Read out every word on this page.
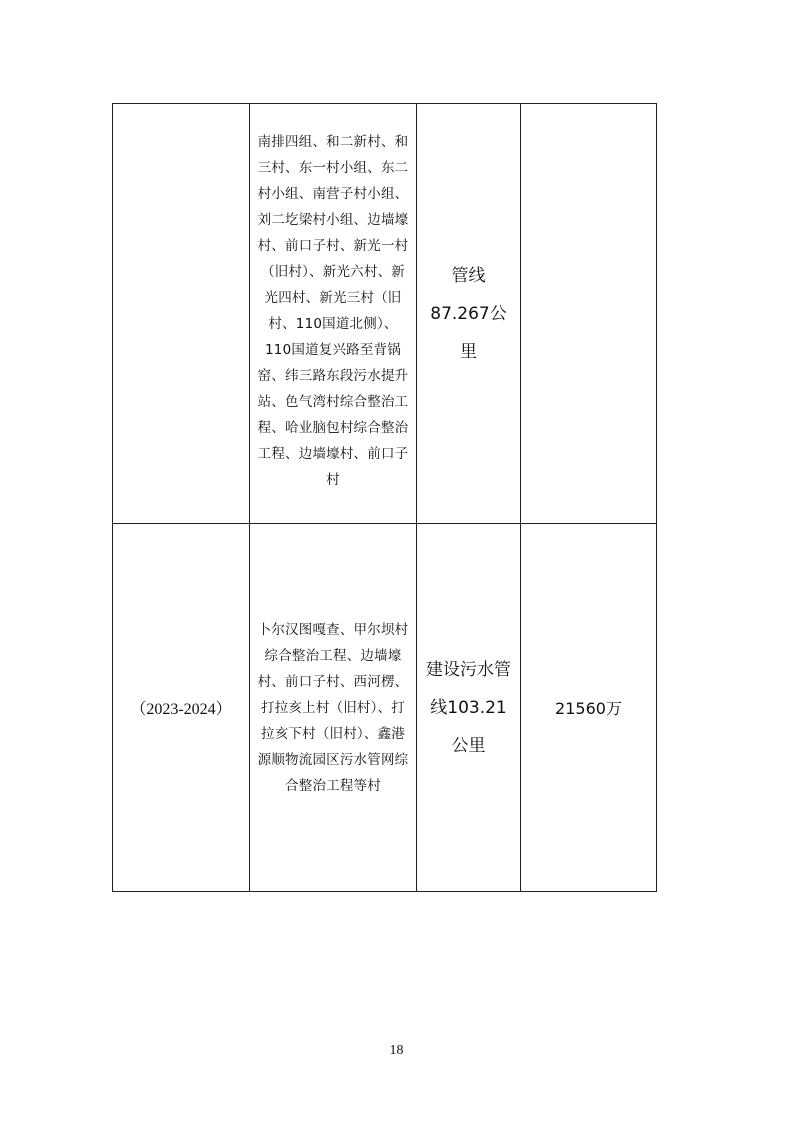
	南排四组、和二新村、和三村、东一村小组、东二村小组、南营子村小组、刘二圪梁村小组、边墙壕村、前口子村、新光一村（旧村）、新光六村、新光四村、新光三村（旧村、110国道北侧）、110国道复兴路至背锅窑、纬三路东段污水提升站、色气湾村综合整治工程、哈业脑包村综合整治工程、边墙壕村、前口子村	管线87.267公里	

（2023-2024）	卜尔汉图嘎查、甲尔坝村综合整治工程、边墙壕村、前口子村、西河楞、打拉亥上村（旧村）、打拉亥下村（旧村）、鑫港源顺物流园区污水管网综合整治工程等村	建设污水管线103.21公里	21560万
18
